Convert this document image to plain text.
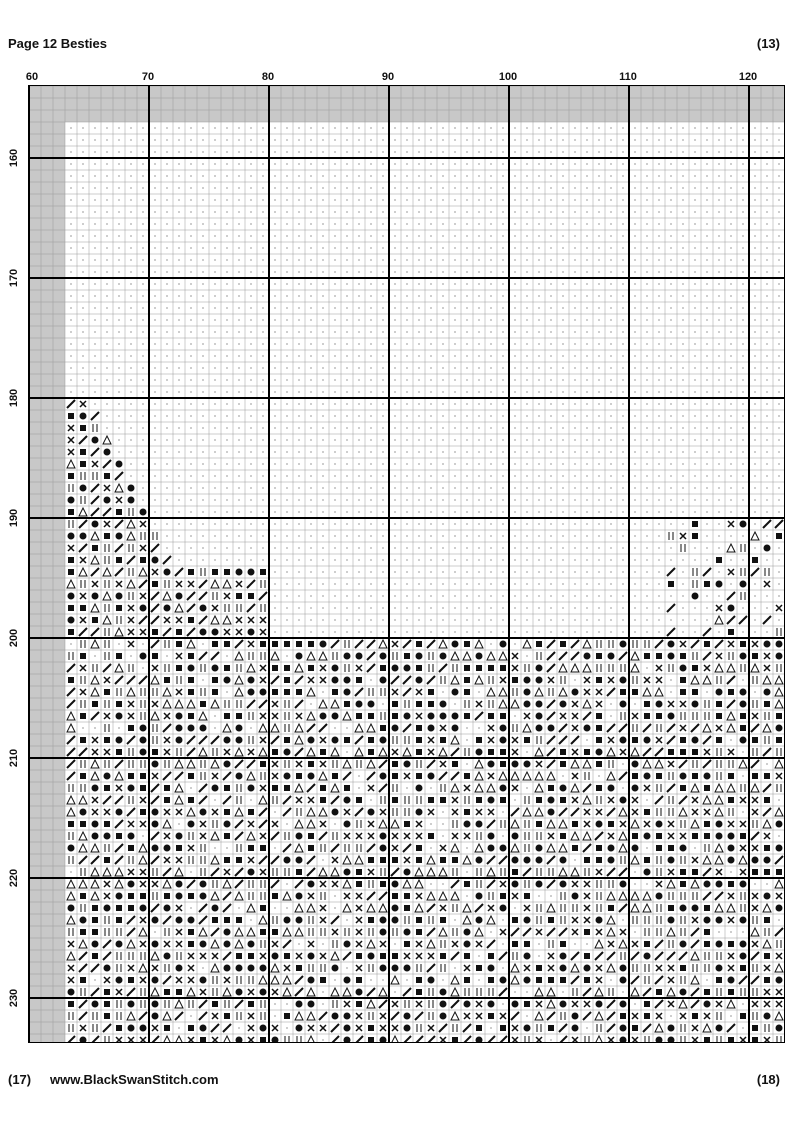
Page 12 Besties	(13)
60	70	80	90	100	110	120
160
170
180
190
200
210
220
230
(17) www.BlackSwanStitch.com	(18)
